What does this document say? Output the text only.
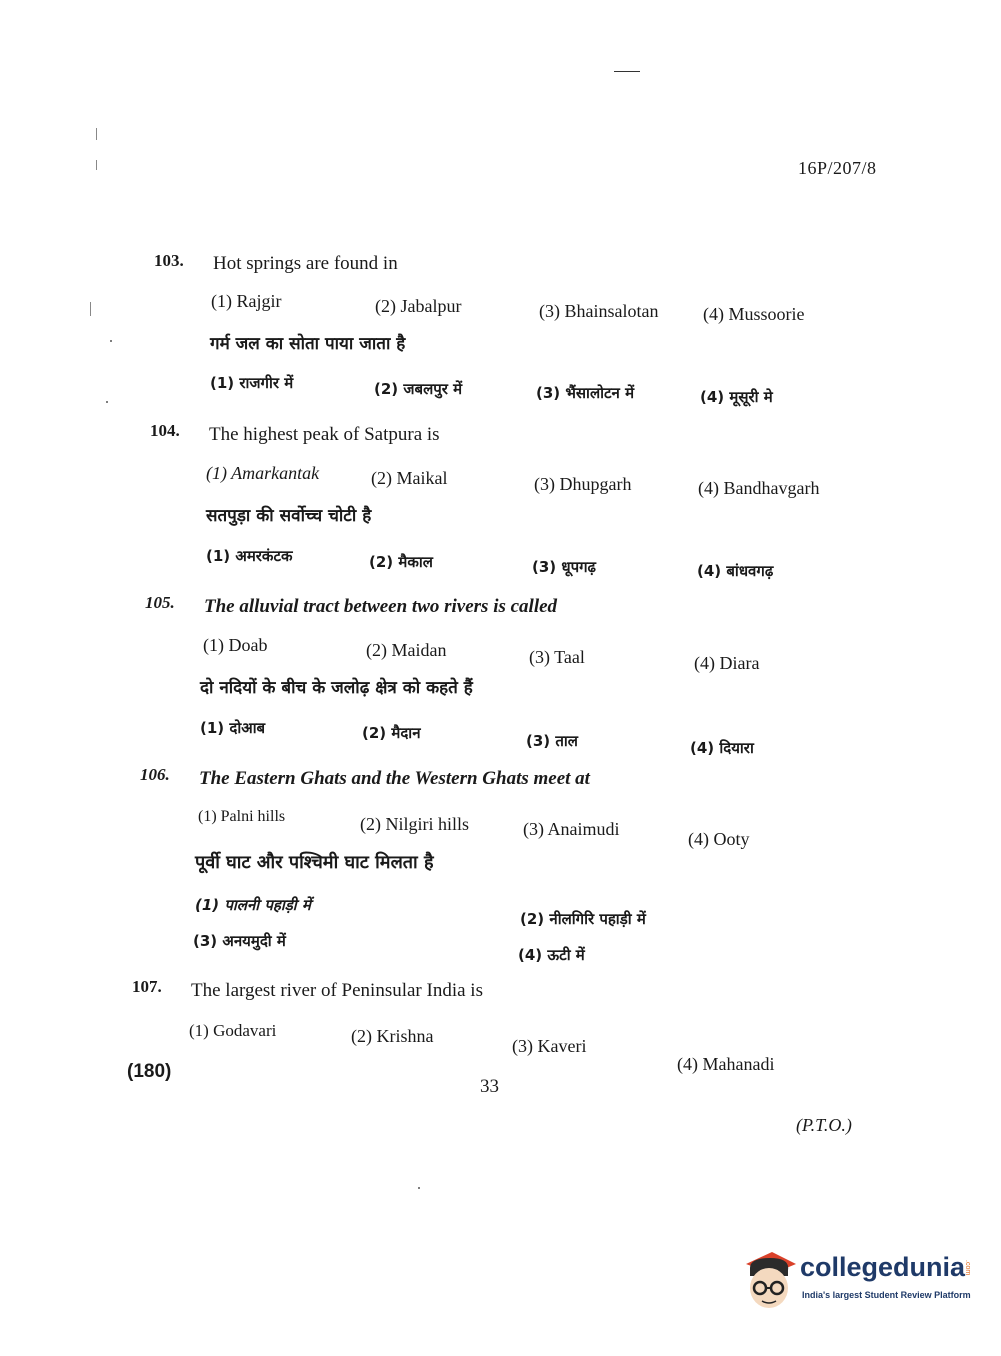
16P/207/8
103. Hot springs are found in
(1) Rajgir	(2) Jabalpur	(3) Bhainsalotan (4) Mussoorie
गर्म जल का सोता पाया जाता है
(1) राजगीर में	(2) जबलपुर में	(3) भैंसालोटन में	(4) मूसूरी मे
104. The highest peak of Satpura is
(1) Amarkantak	(2) Maikal	(3) Dhupgarh	(4) Bandhavgarh
सतपुड़ा की सर्वोच्च चोटी है
(1) अमरकंटक	(2) मैकाल	(3) धूपगढ़	(4) बांधवगढ़
105. The alluvial tract between two rivers is called
(1) Doab	(2) Maidan	(3) Taal	(4) Diara
दो नदियों के बीच के जलोढ़ क्षेत्र को कहते हैं
(1) दोआब	(2) मैदान	(3) ताल	(4) दियारा
106. The Eastern Ghats and the Western Ghats meet at
(1) Palni hills	(2) Nilgiri hills	(3) Anaimudi	(4) Ooty
पूर्वी घाट और पश्चिमी घाट मिलता है
(1) पालनी पहाड़ी में
(2) नीलगिरि पहाड़ी में
(3) अनयमुदी में
(4) ऊटी में
107. The largest river of Peninsular India is
(1) Godavari	(2) Krishna	(3) Kaveri
(4) Mahanadi
(180)
33
(P.T.O.)
collegedunia
.com
India's largest Student Review Platform
